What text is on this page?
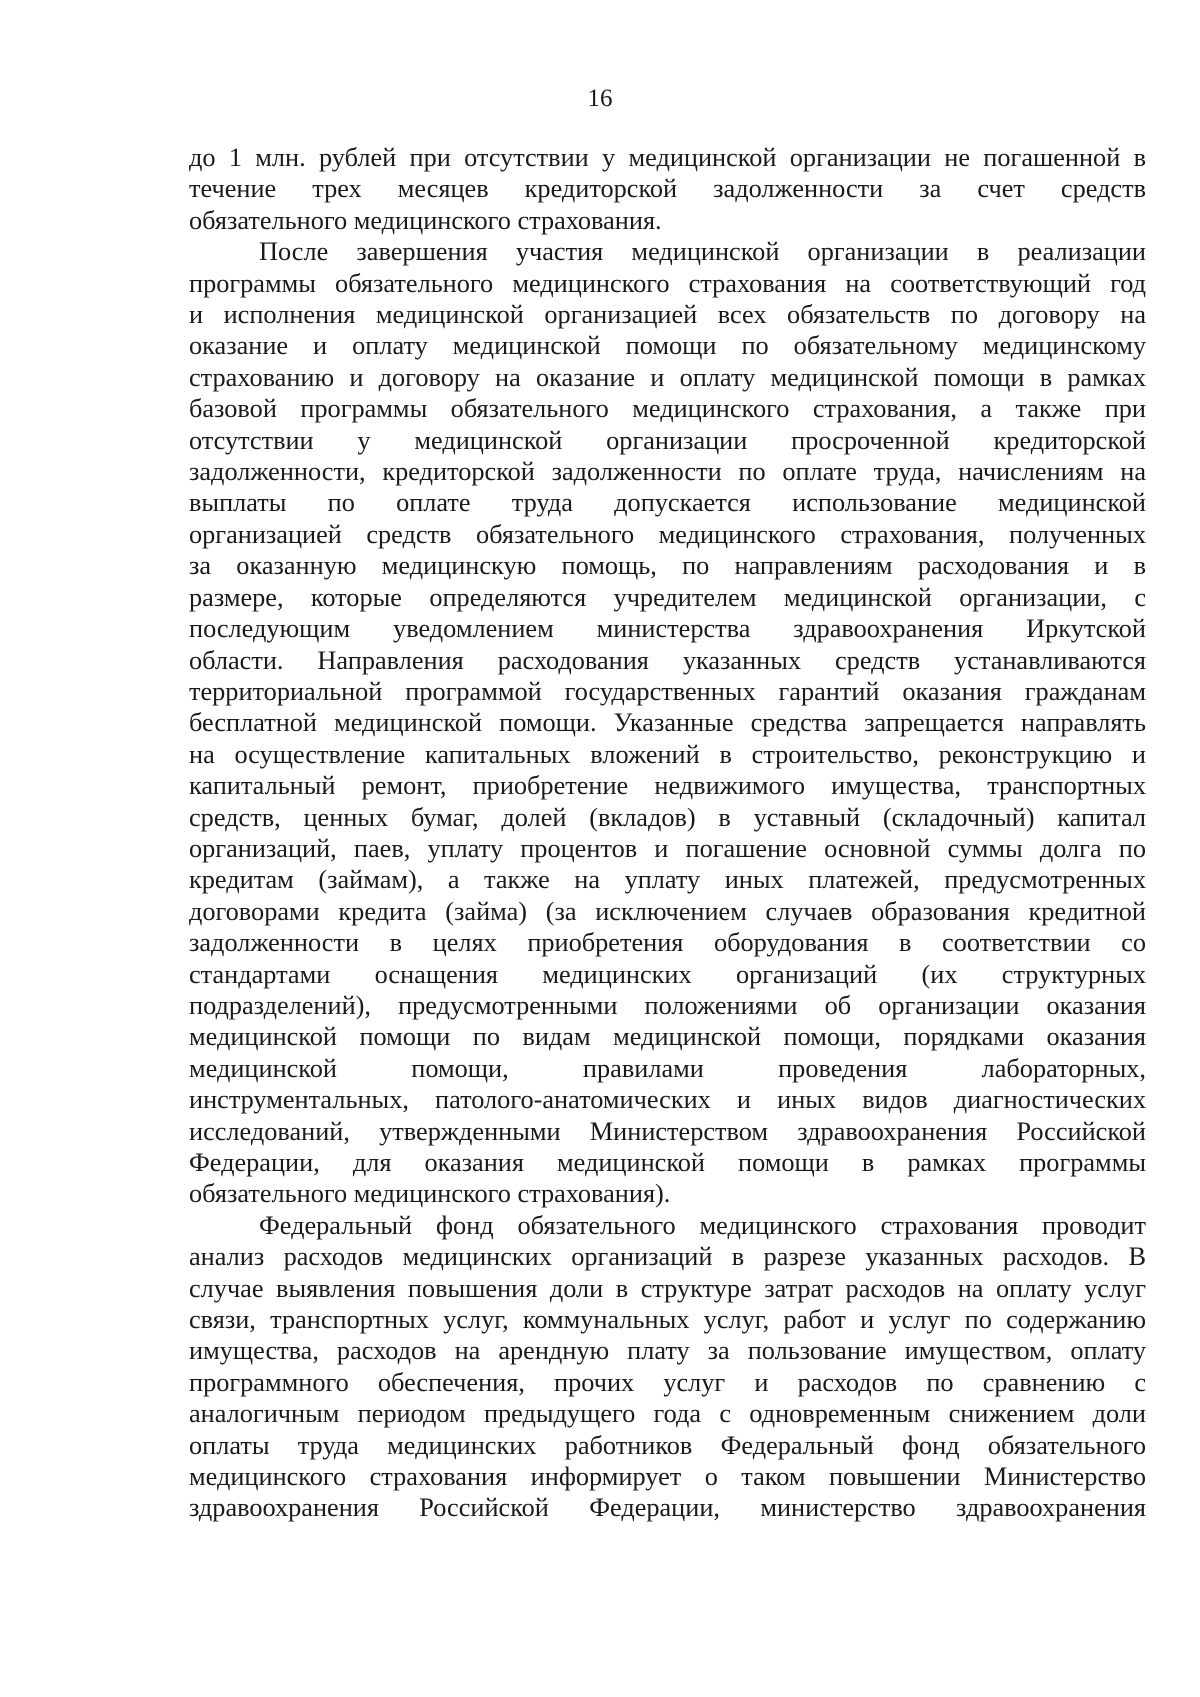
16

до 1 млн. рублей при отсутствии у медицинской организации не погашенной в
течение трех месяцев кредиторской задолженности за счет средств
обязательного медицинского страхования.

После завершения участия медицинской организации в реализации
программы обязательного медицинского страхования на соответствующий год
и исполнения медицинской организацией всех обязательств по договору на
оказание и оплату медицинской помощи по обязательному медицинскому
страхованию и договору на оказание и оплату медицинской помощи в рамках
базовой программы обязательного медицинского страхования, а также при
отсутствии у медицинской организации просроченной кредиторской
задолженности, кредиторской задолженности по оплате труда, начислениям на
выплаты по оплате труда допускается использование медицинской
организацией средств обязательного медицинского страхования, полученных
за оказанную медицинскую помощь, по направлениям расходования и в
размере, которые определяются учредителем медицинской организации, с
последующим уведомлением министерства здравоохранения Иркутской
области. Направления расходования указанных средств устанавливаются
территориальной программой государственных гарантий оказания гражданам
бесплатной медицинской помощи. Указанные средства запрещается направлять
на осуществление капитальных вложений в строительство, реконструкцию и
капитальный ремонт, приобретение недвижимого имущества, транспортных
средств, ценных бумаг, долей (вкладов) в уставный (складочный) капитал
организаций, паев, уплату процентов и погашение основной суммы долга по
кредитам (займам), а также на уплату иных платежей, предусмотренных
договорами кредита (займа) (за исключением случаев образования кредитной
задолженности в целях приобретения оборудования в соответствии со
стандартами оснащения медицинских организаций (их структурных
подразделений), предусмотренными положениями об организации оказания
медицинской помощи по видам медицинской помощи, порядками оказания
медицинской помощи, правилами проведения лабораторных,
инструментальных, патолого-анатомических и иных видов диагностических
исследований, утвержденными Министерством здравоохранения Российской
Федерации, для оказания медицинской помощи в рамках программы
обязательного медицинского страхования).

Федеральный фонд обязательного медицинского страхования проводит
анализ расходов медицинских организаций в разрезе указанных расходов. В
случае выявления повышения доли в структуре затрат расходов на оплату услуг
связи, транспортных услуг, коммунальных услуг, работ и услуг по содержанию
имущества, расходов на арендную плату за пользование имуществом, оплату
программного обеспечения, прочих услуг и расходов по сравнению с
аналогичным периодом предыдущего года с одновременным снижением доли
оплаты труда медицинских работников Федеральный фонд обязательного
медицинского страхования информирует о таком повышении Министерство
здравоохранения Российской Федерации, министерство здравоохранения
